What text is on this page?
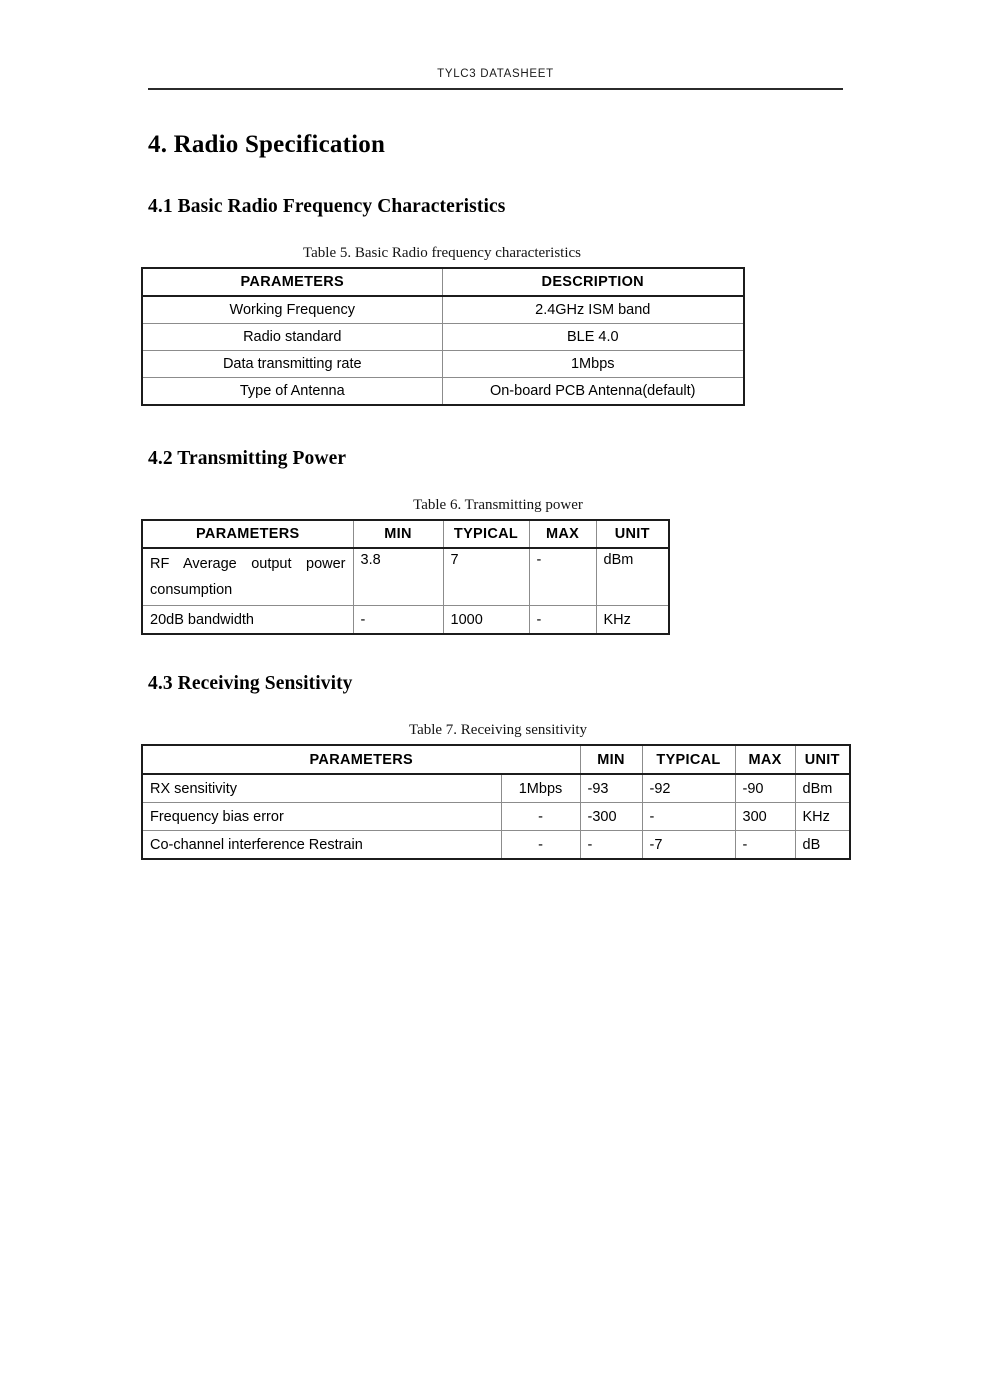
TYLC3 DATASHEET
4. Radio Specification
4.1 Basic Radio Frequency Characteristics
Table 5. Basic Radio frequency characteristics
PARAMETERS	DESCRIPTION
Working Frequency	2.4GHz ISM band
Radio standard	BLE 4.0
Data transmitting rate	1Mbps
Type of Antenna	On-board PCB Antenna(default)
4.2 Transmitting Power
Table 6. Transmitting power
PARAMETERS	MIN	TYPICAL	MAX	UNIT
RF Average output power consumption	3.8	7	-	dBm
20dB bandwidth	-	1000	-	KHz
4.3 Receiving Sensitivity
Table 7. Receiving sensitivity
PARAMETERS		MIN	TYPICAL	MAX	UNIT
RX sensitivity	1Mbps	-93	-92	-90	dBm
Frequency bias error	-	-300	-	300	KHz
Co-channel interference Restrain	-	-	-7	-	dB
